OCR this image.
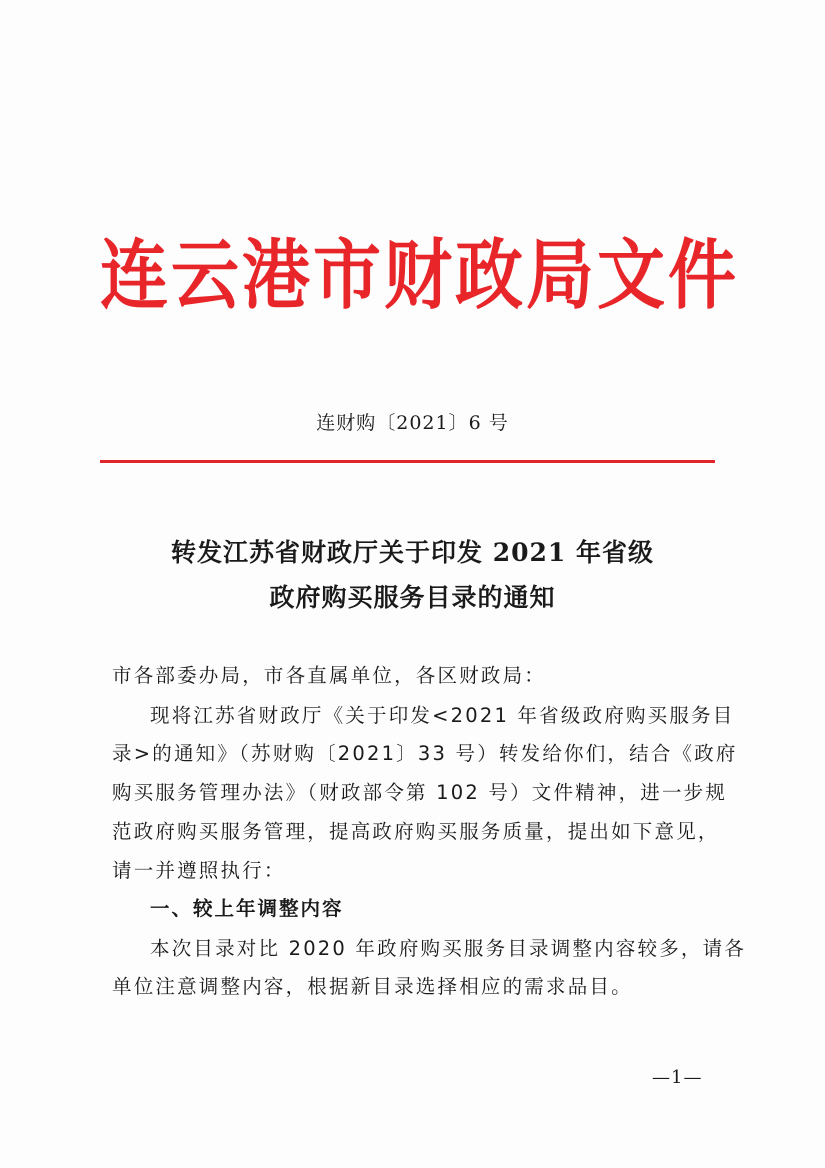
连云港市财政局文件
连财购〔2021〕6 号
转发江苏省财政厅关于印发 2021 年省级
政府购买服务目录的通知
市各部委办局，市各直属单位，各区财政局：
现将江苏省财政厅《关于印发<2021 年省级政府购买服务目
录>的通知》（苏财购〔2021〕33 号）转发给你们，结合《政府
购买服务管理办法》（财政部令第 102 号）文件精神，进一步规
范政府购买服务管理，提高政府购买服务质量，提出如下意见，
请一并遵照执行：
一、较上年调整内容
本次目录对比 2020 年政府购买服务目录调整内容较多，请各
单位注意调整内容，根据新目录选择相应的需求品目。
—1—
